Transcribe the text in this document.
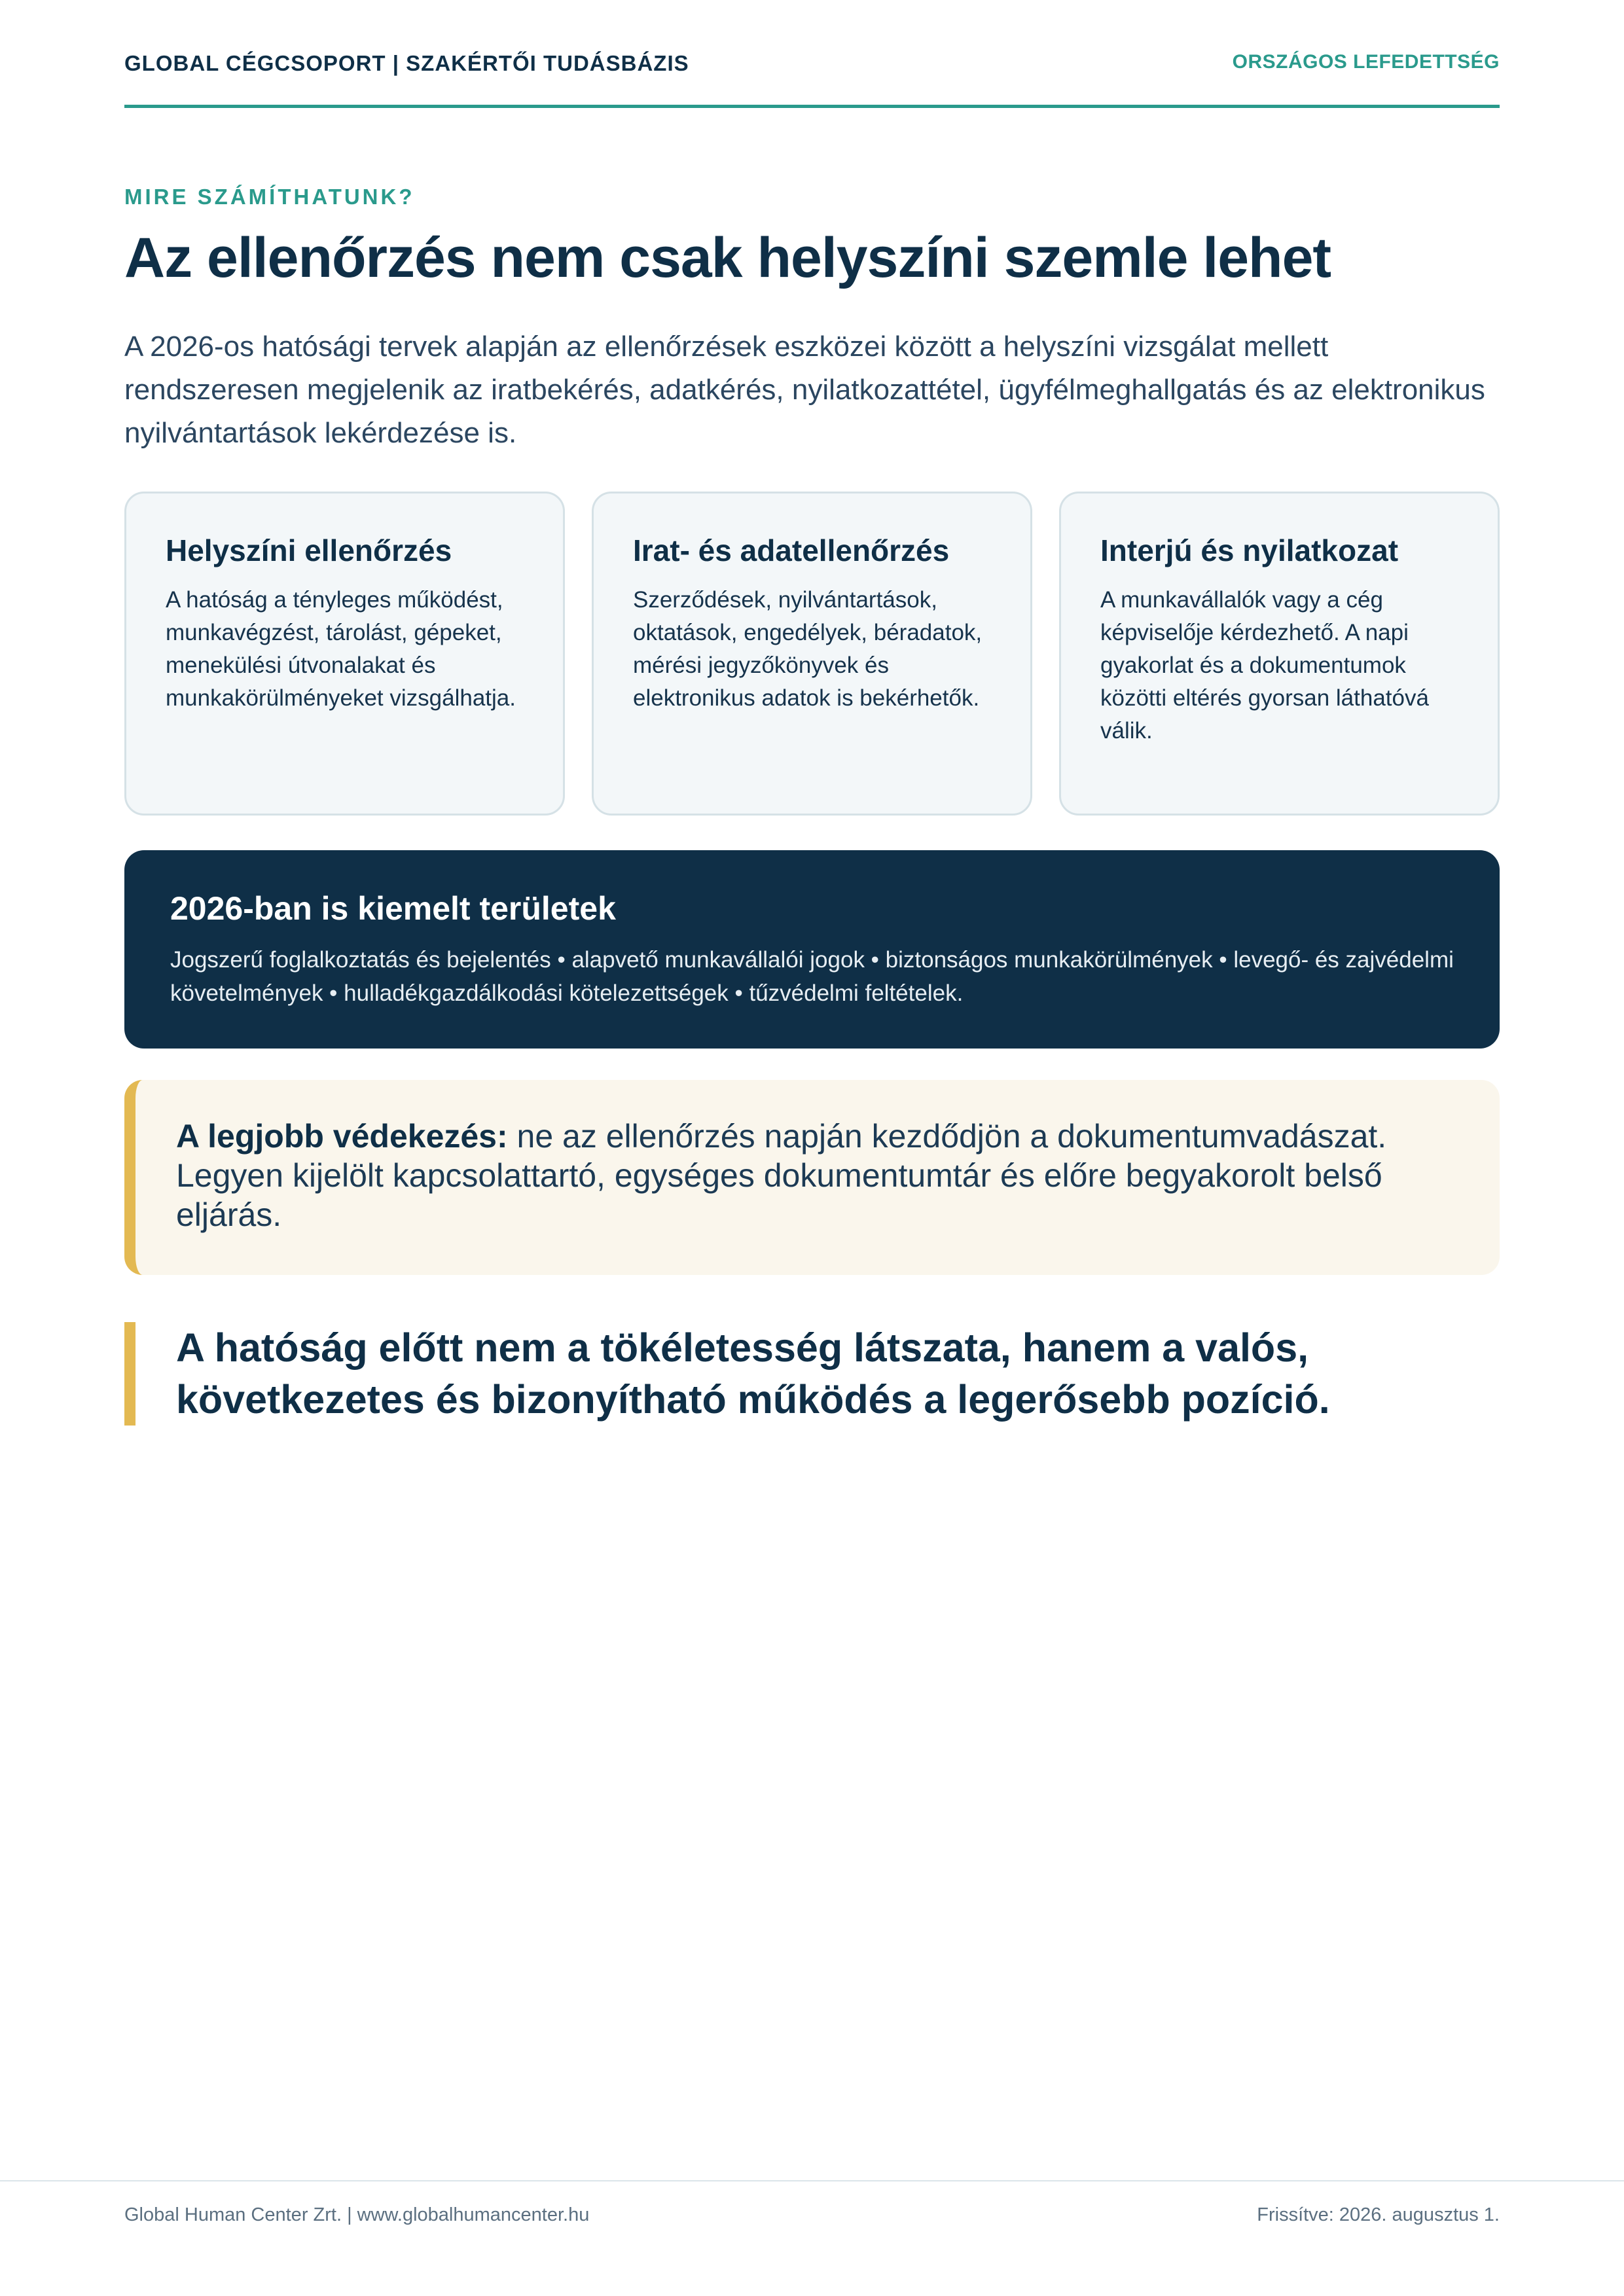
GLOBAL CÉGCSOPORT | SZAKÉRTŐI TUDÁSBÁZIS	ORSZÁGOS LEFEDETTSÉG
MIRE SZÁMÍTHATUNK?
Az ellenőrzés nem csak helyszíni szemle lehet

A 2026-os hatósági tervek alapján az ellenőrzések eszközei között a helyszíni vizsgálat mellett rendszeresen megjelenik az iratbekérés, adatkérés, nyilatkozattétel, ügyfélmeghallgatás és az elektronikus nyilvántartások lekérdezése is.

Helyszíni ellenőrzés

A hatóság a tényleges működést, munkavégzést, tárolást, gépeket, menekülési útvonalakat és munkakörülményeket vizsgálhatja.

Irat- és adatellenőrzés

Szerződések, nyilvántartások, oktatások, engedélyek, béradatok, mérési jegyzőkönyvek és elektronikus adatok is bekérhetők.

Interjú és nyilatkozat

A munkavállalók vagy a cég képviselője kérdezhető. A napi gyakorlat és a dokumentumok közötti eltérés gyorsan láthatóvá válik.

2026-ban is kiemelt területek

Jogszerű foglalkoztatás és bejelentés • alapvető munkavállalói jogok • biztonságos munkakörülmények • levegő- és zajvédelmi követelmények • hulladékgazdálkodási kötelezettségek • tűzvédelmi feltételek.

A legjobb védekezés: ne az ellenőrzés napján kezdődjön a dokumentumvadászat. Legyen kijelölt kapcsolattartó, egységes dokumentumtár és előre begyakorolt belső eljárás.
A hatóság előtt nem a tökéletesség látszata, hanem a valós, következetes és bizonyítható működés a legerősebb pozíció.
Global Human Center Zrt. | www.globalhumancenter.hu	Frissítve: 2026. augusztus 1.
